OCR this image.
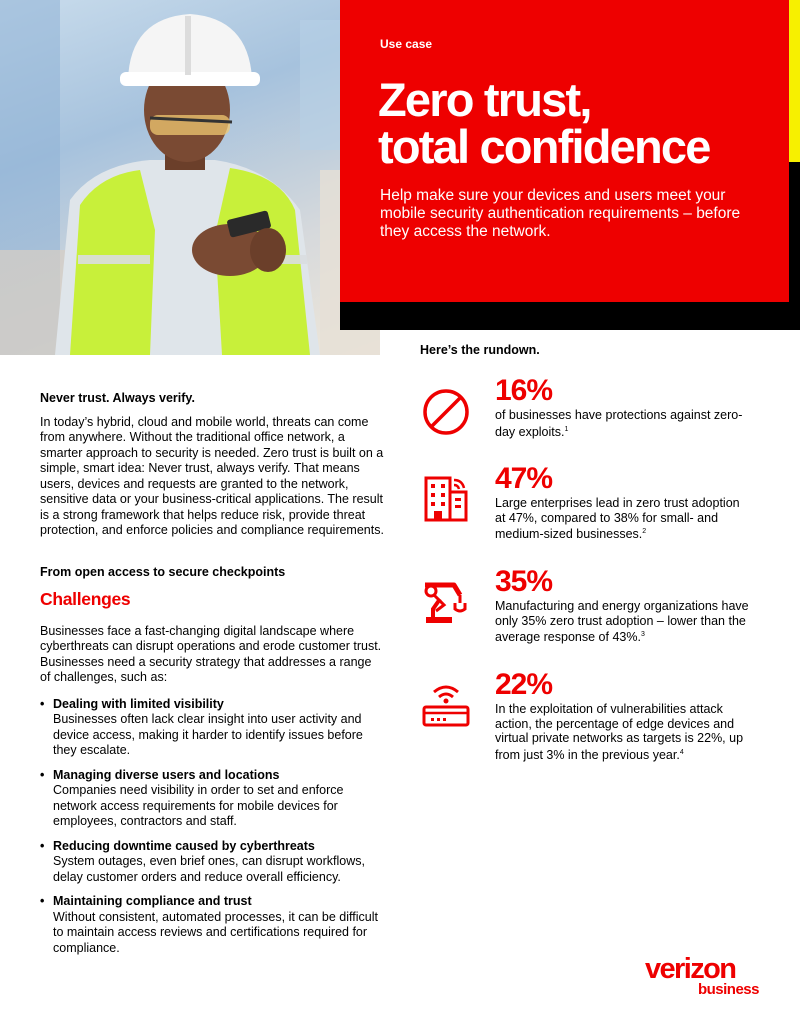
Use case
Zero trust,
total confidence
Help make sure your devices and users meet your mobile security authentication requirements – before they access the network.
Never trust. Always verify.

In today’s hybrid, cloud and mobile world, threats can come from anywhere. Without the traditional office network, a smarter approach to security is needed. Zero trust is built on a simple, smart idea: Never trust, always verify. That means users, devices and requests are granted to the network, sensitive data or your business-critical applications. The result is a strong framework that helps reduce risk, provide threat protection, and enforce policies and compliance requirements.

From open access to secure checkpoints
Challenges

Businesses face a fast-changing digital landscape where cyberthreats can disrupt operations and erode customer trust. Businesses need a security strategy that addresses a range of challenges, such as:

• Dealing with limited visibility
Businesses often lack clear insight into user activity and device access, making it harder to identify issues before they escalate.
• Managing diverse users and locations
Companies need visibility in order to set and enforce network access requirements for mobile devices for employees, contractors and staff.
• Reducing downtime caused by cyberthreats
System outages, even brief ones, can disrupt workflows, delay customer orders and reduce overall efficiency.
• Maintaining compliance and trust
Without consistent, automated processes, it can be difficult to maintain access reviews and certifications required for compliance.
Here’s the rundown.
16%
of businesses have protections against zero-day exploits.$^1$
47%
Large enterprises lead in zero trust adoption at 47%, compared to 38% for small- and medium-sized businesses.$^2$
35%
Manufacturing and energy organizations have only 35% zero trust adoption – lower than the average response of 43%.$^3$
22%
In the exploitation of vulnerabilities attack action, the percentage of edge devices and virtual private networks as targets is 22%, up from just 3% in the previous year.$^4$
verizon
business
